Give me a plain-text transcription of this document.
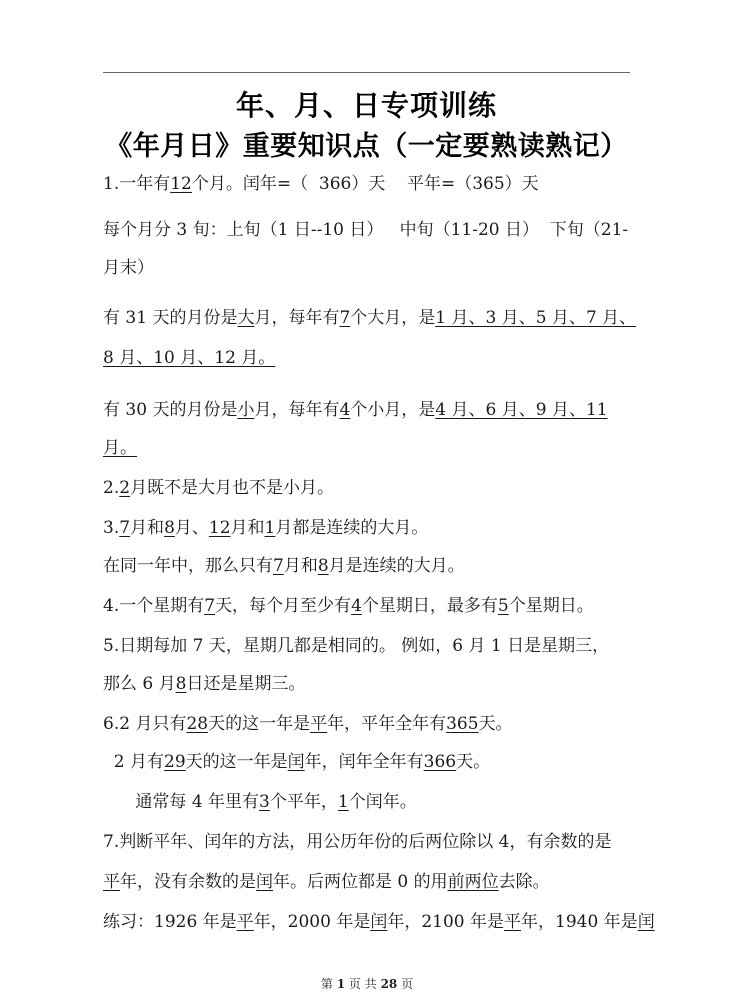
年、月、日专项训练
《年月日》重要知识点（一定要熟读熟记）
1.一年有12个月。闰年=（  366）天    平年=（365）天
每个月分 3 旬：上旬（1 日--10 日）   中旬（11-20 日）  下旬（21-
月末）
有 31 天的月份是大月，每年有7个大月，是1 月、3 月、5 月、7 月、
8 月、10 月、12 月。
有 30 天的月份是小月，每年有4个小月，是4 月、6 月、9 月、11
月。
2.2月既不是大月也不是小月。
3.7月和8月、12月和1月都是连续的大月。
在同一年中，那么只有7月和8月是连续的大月。
4.一个星期有7天，每个月至少有4个星期日，最多有5个星期日。
5.日期每加 7 天，星期几都是相同的。 例如，6 月 1 日是星期三，
那么 6 月8日还是星期三。
6.2 月只有28天的这一年是平年，平年全年有365天。
2 月有29天的这一年是闰年，闰年全年有366天。
通常每 4 年里有3个平年，1个闰年。
7.判断平年、闰年的方法，用公历年份的后两位除以 4，有余数的是
平年，没有余数的是闰年。后两位都是 0 的用前两位去除。
练习：1926 年是平年，2000 年是闰年，2100 年是平年，1940 年是闰
第 1 页 共 28 页
